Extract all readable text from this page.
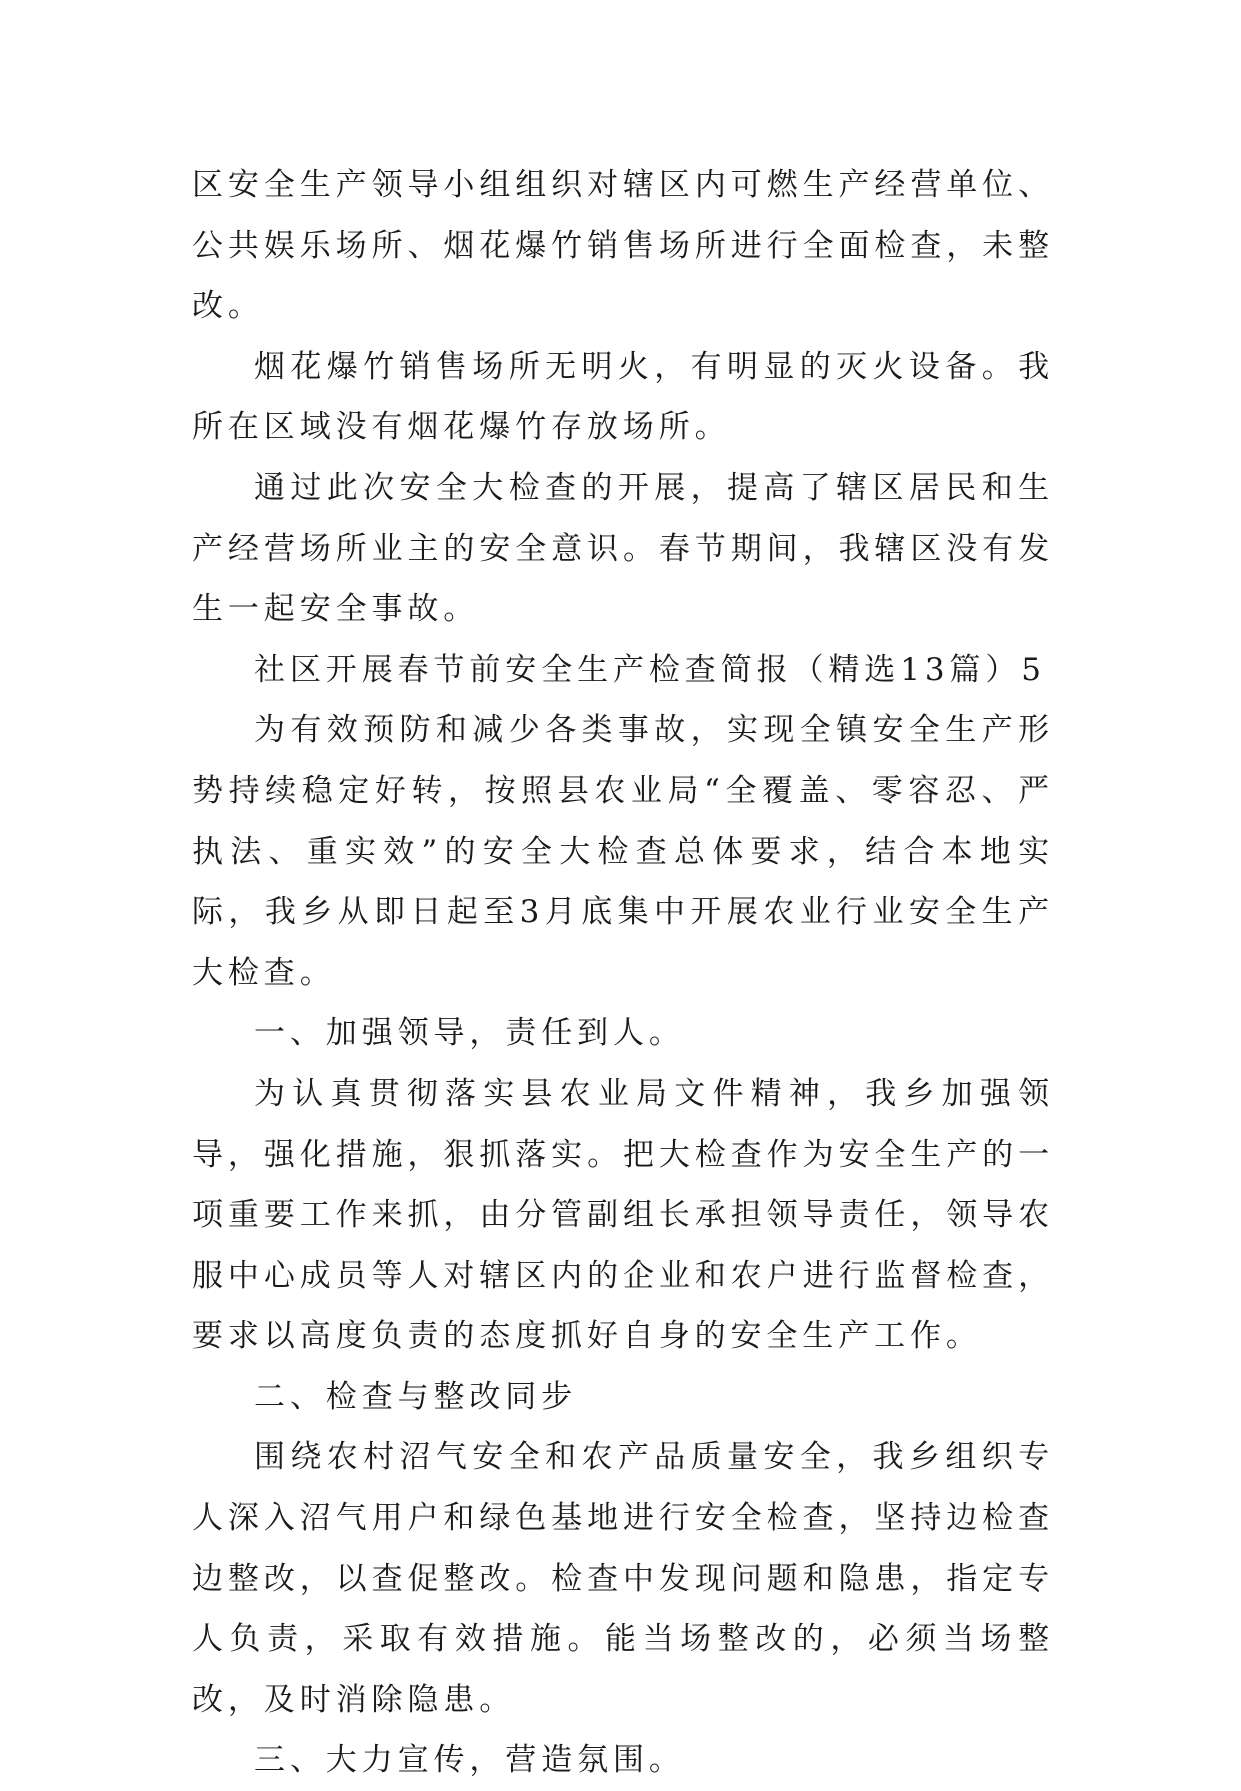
区安全生产领导小组组织对辖区内可燃生产经营单位、公共娱乐场所、烟花爆竹销售场所进行全面检查，未整改。

烟花爆竹销售场所无明火，有明显的灭火设备。我所在区域没有烟花爆竹存放场所。

通过此次安全大检查的开展，提高了辖区居民和生产经营场所业主的安全意识。春节期间，我辖区没有发生一起安全事故。

社区开展春节前安全生产检查简报（精选13篇）5

为有效预防和减少各类事故，实现全镇安全生产形势持续稳定好转，按照县农业局“全覆盖、零容忍、严执法、重实效”的安全大检查总体要求，结合本地实际，我乡从即日起至3月底集中开展农业行业安全生产大检查。

一、加强领导，责任到人。

为认真贯彻落实县农业局文件精神，我乡加强领导，强化措施，狠抓落实。把大检查作为安全生产的一项重要工作来抓，由分管副组长承担领导责任，领导农服中心成员等人对辖区内的企业和农户进行监督检查，要求以高度负责的态度抓好自身的安全生产工作。

二、检查与整改同步

围绕农村沼气安全和农产品质量安全，我乡组织专人深入沼气用户和绿色基地进行安全检查，坚持边检查边整改，以查促整改。检查中发现问题和隐患，指定专人负责，采取有效措施。能当场整改的，必须当场整改，及时消除隐患。

三、大力宣传，营造氛围。
